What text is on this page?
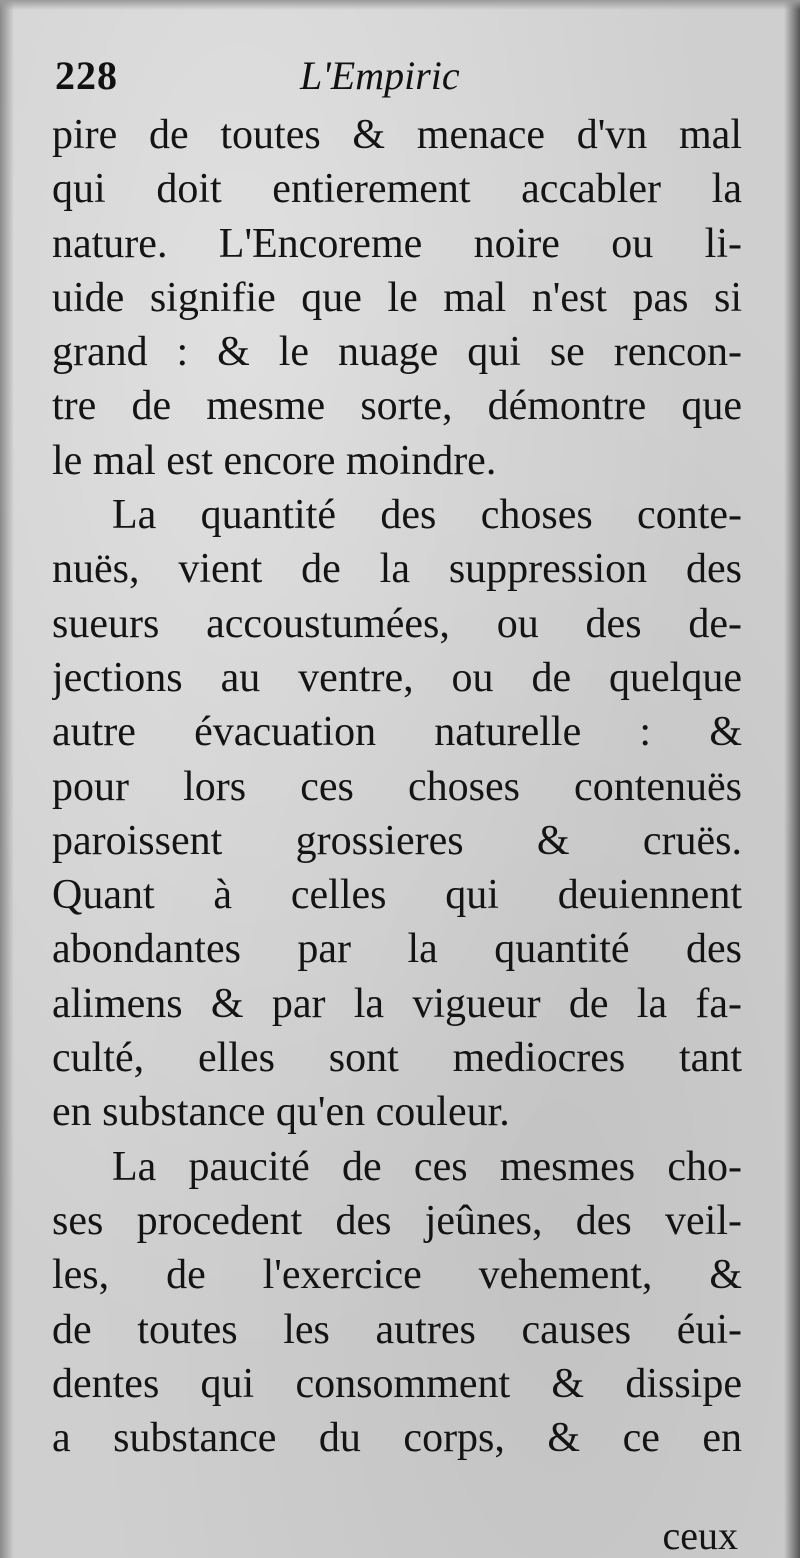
228	L'Empiric
pire de toutes & menace d'vn mal
qui doit entierement accabler la
nature. L'Encoreme noire ou li-
uide signifie que le mal n'est pas si
grand : & le nuage qui se rencon-
tre de mesme sorte, démontre que
le mal est encore moindre.
La quantité des choses conte-
nuës, vient de la suppression des
sueurs accoustumées, ou des de-
jections au ventre, ou de quelque
autre évacuation naturelle : &
pour lors ces choses contenuës
paroissent grossieres & cruës.
Quant à celles qui deuiennent
abondantes par la quantité des
alimens & par la vigueur de la fa-
culté, elles sont mediocres tant
en substance qu'en couleur.
La paucité de ces mesmes cho-
ses procedent des jeûnes, des veil-
les, de l'exercice vehement, &
de toutes les autres causes éui-
dentes qui consomment & dissipe
a substance du corps, & ce en
ceux
